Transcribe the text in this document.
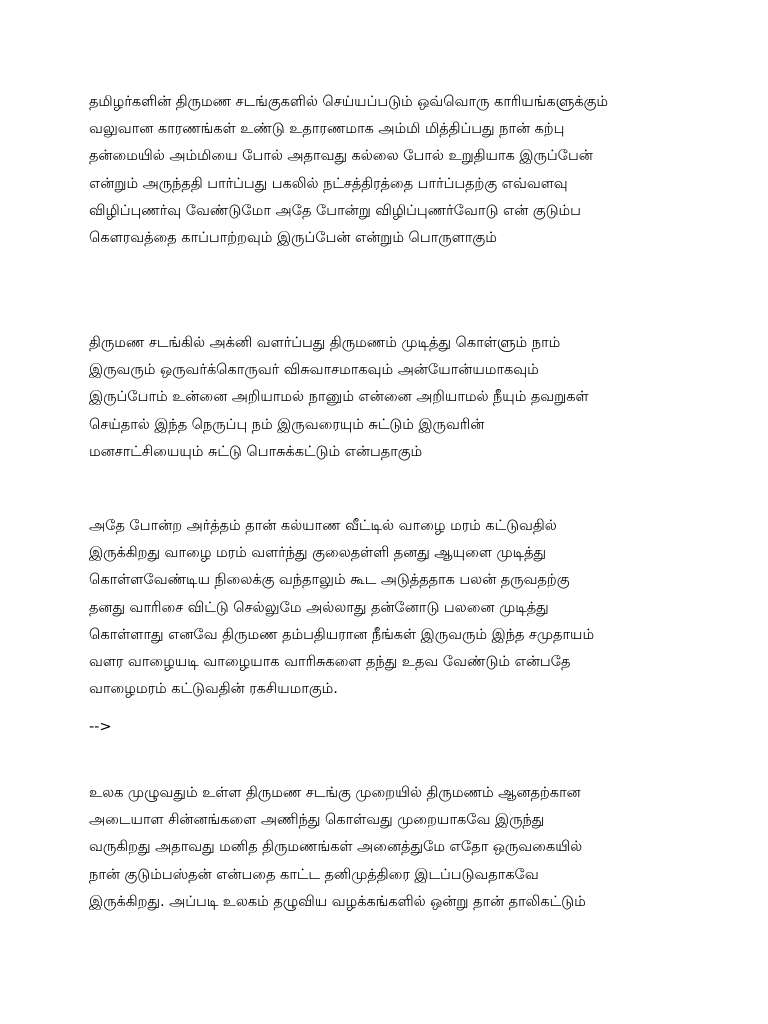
தமிழர்களின் திருமண சடங்குகளில் செய்யப்படும் ஒவ்வொரு காரியங்களுக்கும்
வலுவான காரணங்கள் உண்டு உதாரணமாக அம்மி மித்திப்பது நான் கற்பு
தன்மையில் அம்மியை போல் அதாவது கல்லை போல் உறுதியாக இருப்பேன்
என்றும் அருந்ததி பார்ப்பது பகலில் நட்சத்திரத்தை பார்ப்பதற்கு எவ்வளவு
விழிப்புணர்வு வேண்டுமோ அதே போன்று விழிப்புணர்வோடு என் குடும்ப
கௌரவத்தை காப்பாற்றவும் இருப்பேன் என்றும் பொருளாகும்

திருமண சடங்கில் அக்னி வளர்ப்பது திருமணம் முடித்து கொள்ளும் நாம்
இருவரும் ஒருவர்க்கொருவர் விசுவாசமாகவும் அன்யோன்யமாகவும்
இருப்போம் உன்னை அறியாமல் நானும் என்னை அறியாமல் நீயும் தவறுகள்
செய்தால் இந்த நெருப்பு நம் இருவரையும் சுட்டும் இருவரின்
மனசாட்சியையும் சுட்டு பொசுக்கட்டும் என்பதாகும்

அதே போன்ற அர்த்தம் தான் கல்யாண வீட்டில் வாழை மரம் கட்டுவதில்
இருக்கிறது வாழை மரம் வளர்ந்து குலைதள்ளி தனது ஆயுளை முடித்து
கொள்ளவேண்டிய நிலைக்கு வந்தாலும் கூட அடுத்ததாக பலன் தருவதற்கு
தனது வாரிசை விட்டு செல்லுமே அல்லாது தன்னோடு பலனை முடித்து
கொள்ளாது எனவே திருமண தம்பதியரான நீங்கள் இருவரும் இந்த சமுதாயம்
வளர வாழையடி வாழையாக வாரிசுகளை தந்து உதவ வேண்டும் என்பதே
வாழைமரம் கட்டுவதின் ரகசியமாகும்.

-->

உலக முழுவதும் உள்ள திருமண சடங்கு முறையில் திருமணம் ஆனதற்கான
அடையாள சின்னங்களை அணிந்து கொள்வது முறையாகவே இருந்து
வருகிறது அதாவது மனித திருமணங்கள் அனைத்துமே எதோ ஒருவகையில்
நான் குடும்பஸ்தன் என்பதை காட்ட தனிமுத்திரை இடப்படுவதாகவே
இருக்கிறது. அப்படி உலகம் தழுவிய வழக்கங்களில் ஒன்று தான் தாலிகட்டும்
